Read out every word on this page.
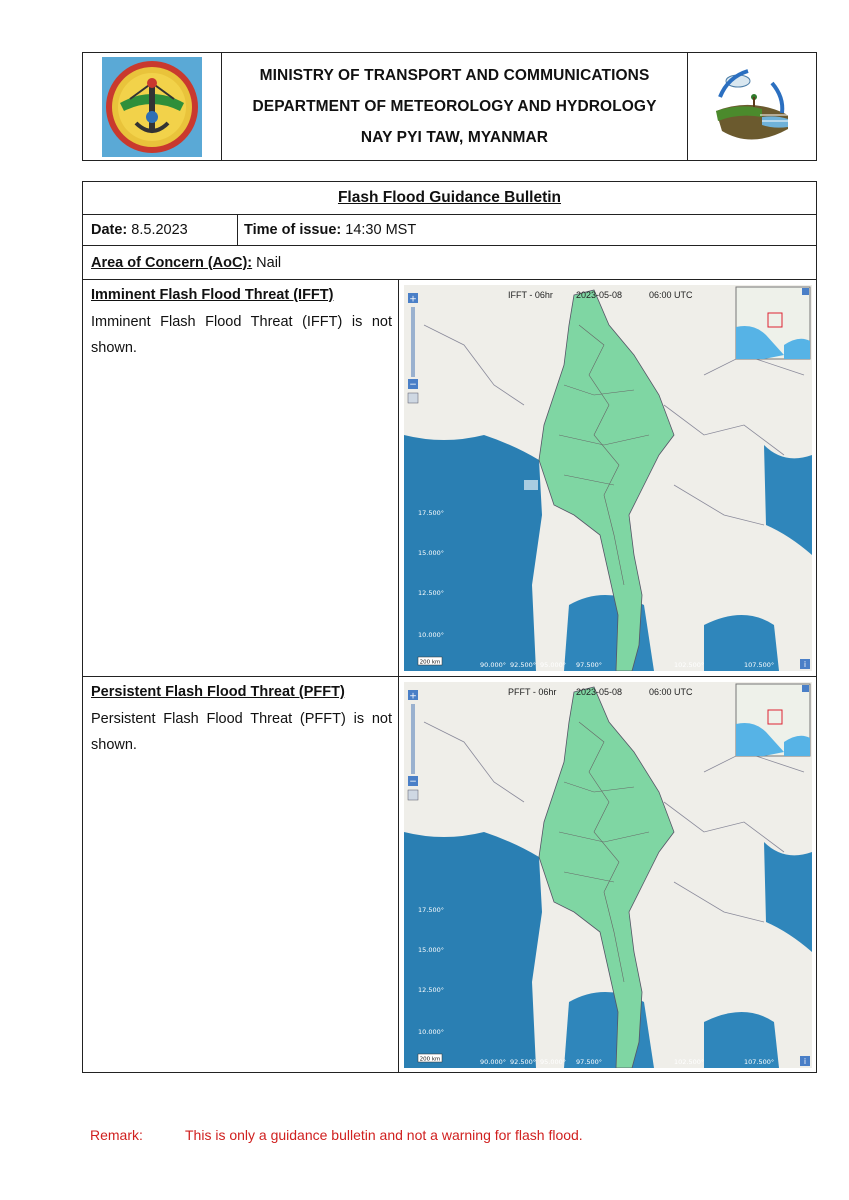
MINISTRY OF TRANSPORT AND COMMUNICATIONS
DEPARTMENT OF METEOROLOGY AND HYDROLOGY
NAY PYI TAW, MYANMAR
Flash Flood Guidance Bulletin
Date:
8.5.2023	Time of issue:
14:30 MST
Area of Concern (AoC):
Nail
Imminent Flash Flood Threat (IFFT)
Imminent Flash Flood Threat (IFFT) is not shown.
+
−
IFFT - 06hr	2023-05-08	06:00 UTC
17.500°
15.000°
12.500°
10.000°
90.000° 92.500° 95.000° 97.500°	102.500°	107.500°
200 km	i
Persistent Flash Flood Threat (PFFT)
Persistent Flash Flood Threat (PFFT) is not shown.
+
−
PFFT - 06hr 2023-05-08	06:00 UTC
17.500°
15.000°
12.500°
10.000°
90.000° 92.500° 95.000° 97.500°	102.500°	107.500°
200 km	i
Remark:	This is only a guidance bulletin and not a warning for flash flood.
